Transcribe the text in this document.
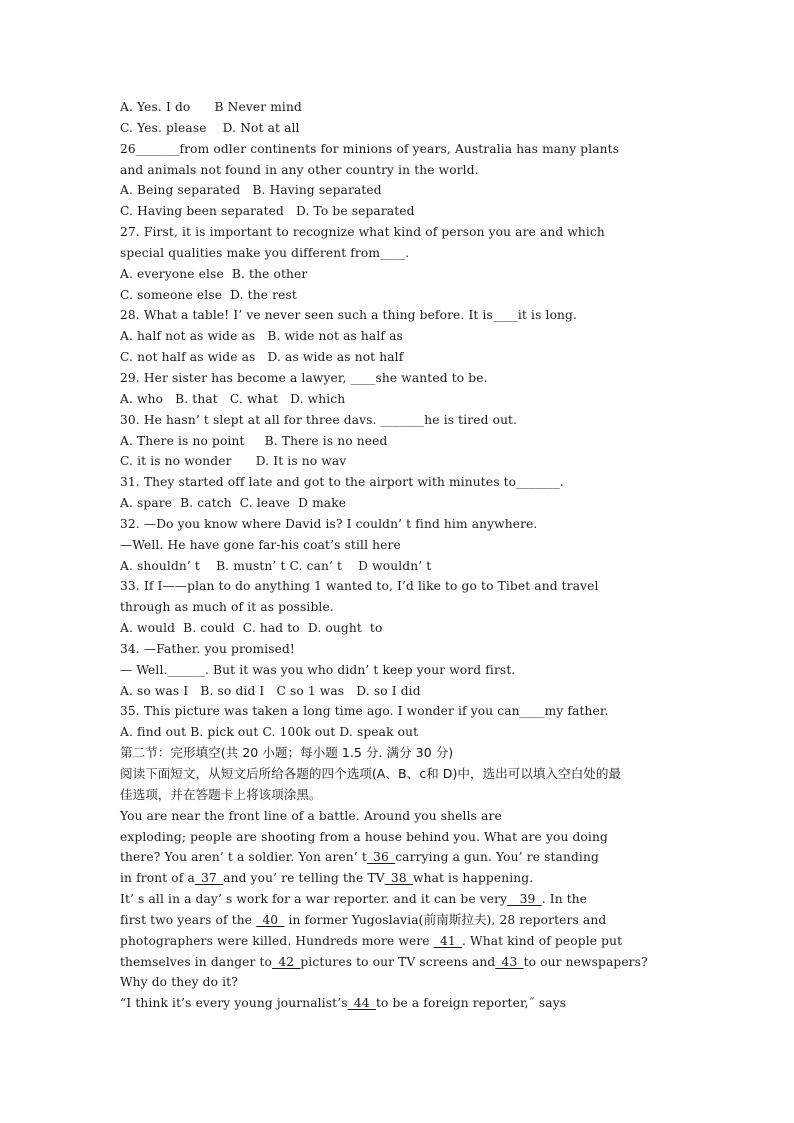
A. Yes. I do      B Never mind
C. Yes. please    D. Not at all
26_______from odler continents for minions of years, Australia has many plants
and animals not found in any other country in the world.
A. Being separated   B. Having separated
C. Having been separated   D. To be separated
27. First, it is important to recognize what kind of person you are and which
special qualities make you different from____.
A. everyone else  B. the other
C. someone else  D. the rest
28. What a table! I’ ve never seen such a thing before. It is____it is long.
A. half not as wide as   B. wide not as half as
C. not half as wide as   D. as wide as not half
29. Her sister has become a lawyer, ____she wanted to be.
A. who   B. that   C. what   D. which
30. He hasn’ t slept at all for three davs. _______he is tired out.
A. There is no point     B. There is no need
C. it is no wonder      D. It is no wav
31. They started off late and got to the airport with minutes to_______.
A. spare  B. catch  C. leave  D make
32. —Do you know where David is? I couldn’ t find him anywhere.
—Well. He have gone far-his coat’s still here
A. shouldn’ t    B. mustn’ t C. can’ t    D wouldn’ t
33. If I——plan to do anything 1 wanted to, I’d like to go to Tibet and travel
through as much of it as possible.
A. would  B. could  C. had to  D. ought  to
34. —Father. you promised!
— Well.______. But it was you who didn’ t keep your word first.
A. so was I   B. so did I   C so 1 was   D. so I did
35. This picture was taken a long time ago. I wonder if you can____my father.
A. find out B. pick out C. 100k out D. speak out
第二节：完形填空(共 20 小题；每小题 1.5 分. 满分 30 分)
阅读下面短文，从短文后所给各题的四个选项(A、B、c和 D)中，选出可以填入空白处的最
佳选项，并在答题卡上将该项涂黑。
You are near the front line of a battle. Around you shells are
exploding; people are shooting from a house behind you. What are you doing
there? You aren’ t a soldier. Yon aren’ t_36_carrying a gun. You’ re standing
in front of a_37_and you’ re telling the TV_38_what is happening.
It’ s all in a day’ s work for a war reporter. and it can be very__39_. In the
first two years of the _40_ in former Yugoslavia(前南斯拉夫), 28 reporters and
photographers were killed. Hundreds more were _41_. What kind of people put
themselves in danger to_42_pictures to our TV screens and_43_to our newspapers?
Why do they do it?
“I think it’s every young journalist’s_44_to be a foreign reporter,˝ says
